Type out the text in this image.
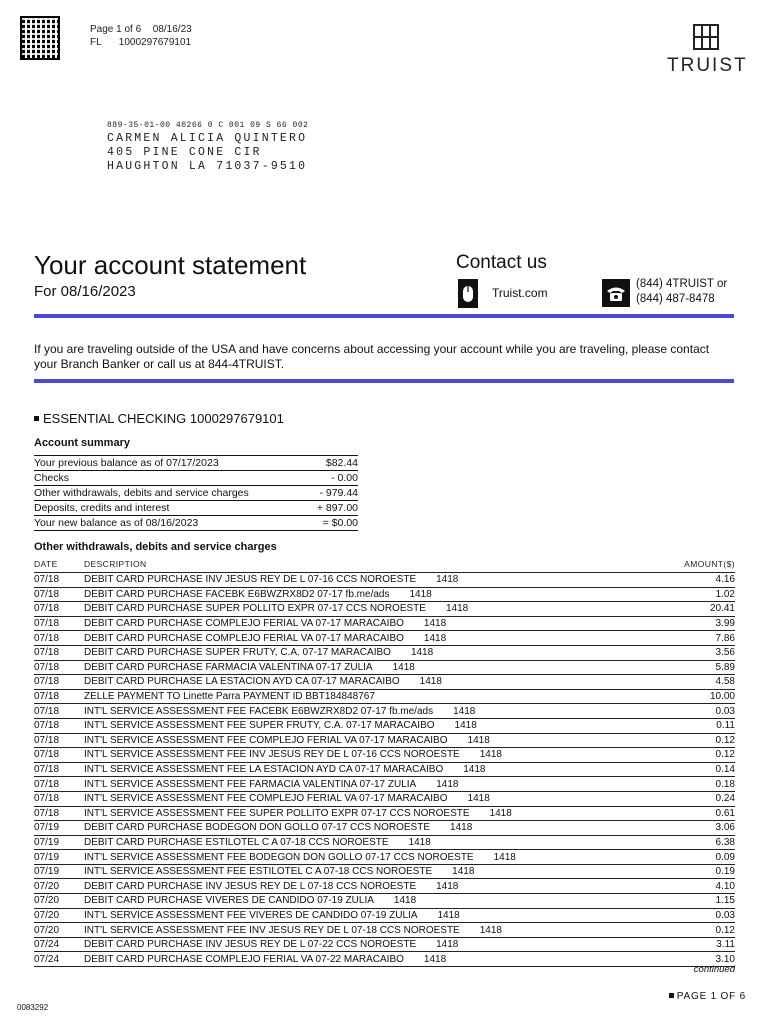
Page 1 of 6 08/16/23
FL 1000297679101
TRUIST
889-35-01-00 40266 0 C 001 09 S 66 002
CARMEN ALICIA QUINTERO
405 PINE CONE CIR
HAUGHTON LA 71037-9510
Your account statement
For 08/16/2023
Contact us
Truist.com
(844) 4TRUIST or
(844) 487-8478
If you are traveling outside of the USA and have concerns about accessing your account while you are traveling, please contact your Branch Banker or call us at 844-4TRUIST.
ESSENTIAL CHECKING 1000297679101
Account summary
Your previous balance as of 07/17/2023	$82.44
Checks	- 0.00
Other withdrawals, debits and service charges	- 979.44
Deposits, credits and interest	+ 897.00
Your new balance as of 08/16/2023	= $0.00
Other withdrawals, debits and service charges
DATE	DESCRIPTION	AMOUNT($)
07/18	DEBIT CARD PURCHASE INV JESUS REY DE L 07-16 CCS NOROESTE 1418	4.16
07/18	DEBIT CARD PURCHASE FACEBK E6BWZRX8D2 07-17 fb.me/ads 1418	1.02
07/18	DEBIT CARD PURCHASE SUPER POLLITO EXPR 07-17 CCS NOROESTE 1418	20.41
07/18	DEBIT CARD PURCHASE COMPLEJO FERIAL VA 07-17 MARACAIBO 1418	3.99
07/18	DEBIT CARD PURCHASE COMPLEJO FERIAL VA 07-17 MARACAIBO 1418	7.86
07/18	DEBIT CARD PURCHASE SUPER FRUTY, C.A. 07-17 MARACAIBO 1418	3.56
07/18	DEBIT CARD PURCHASE FARMACIA VALENTINA 07-17 ZULIA 1418	5.89
07/18	DEBIT CARD PURCHASE LA ESTACION AYD CA 07-17 MARACAIBO 1418	4.58
07/18	ZELLE PAYMENT TO Linette Parra PAYMENT ID BBT184848767	10.00
07/18	INT'L SERVICE ASSESSMENT FEE FACEBK E6BWZRX8D2 07-17 fb.me/ads 1418	0.03
07/18	INT'L SERVICE ASSESSMENT FEE SUPER FRUTY, C.A. 07-17 MARACAIBO 1418	0.11
07/18	INT'L SERVICE ASSESSMENT FEE COMPLEJO FERIAL VA 07-17 MARACAIBO 1418	0.12
07/18	INT'L SERVICE ASSESSMENT FEE INV JESUS REY DE L 07-16 CCS NOROESTE 1418	0.12
07/18	INT'L SERVICE ASSESSMENT FEE LA ESTACION AYD CA 07-17 MARACAIBO 1418	0.14
07/18	INT'L SERVICE ASSESSMENT FEE FARMACIA VALENTINA 07-17 ZULIA 1418	0.18
07/18	INT'L SERVICE ASSESSMENT FEE COMPLEJO FERIAL VA 07-17 MARACAIBO 1418	0.24
07/18	INT'L SERVICE ASSESSMENT FEE SUPER POLLITO EXPR 07-17 CCS NOROESTE 1418	0.61
07/19	DEBIT CARD PURCHASE BODEGON DON GOLLO 07-17 CCS NOROESTE 1418	3.06
07/19	DEBIT CARD PURCHASE ESTILOTEL C A 07-18 CCS NOROESTE 1418	6.38
07/19	INT'L SERVICE ASSESSMENT FEE BODEGON DON GOLLO 07-17 CCS NOROESTE 1418	0.09
07/19	INT'L SERVICE ASSESSMENT FEE ESTILOTEL C A 07-18 CCS NOROESTE 1418	0.19
07/20	DEBIT CARD PURCHASE INV JESUS REY DE L 07-18 CCS NOROESTE 1418	4.10
07/20	DEBIT CARD PURCHASE VIVERES DE CANDIDO 07-19 ZULIA 1418	1.15
07/20	INT'L SERVICE ASSESSMENT FEE VIVERES DE CANDIDO 07-19 ZULIA 1418	0.03
07/20	INT'L SERVICE ASSESSMENT FEE INV JESUS REY DE L 07-18 CCS NOROESTE 1418	0.12
07/24	DEBIT CARD PURCHASE INV JESUS REY DE L 07-22 CCS NOROESTE 1418	3.11
07/24	DEBIT CARD PURCHASE COMPLEJO FERIAL VA 07-22 MARACAIBO 1418	3.10
continued
PAGE 1 OF 6
0083292
